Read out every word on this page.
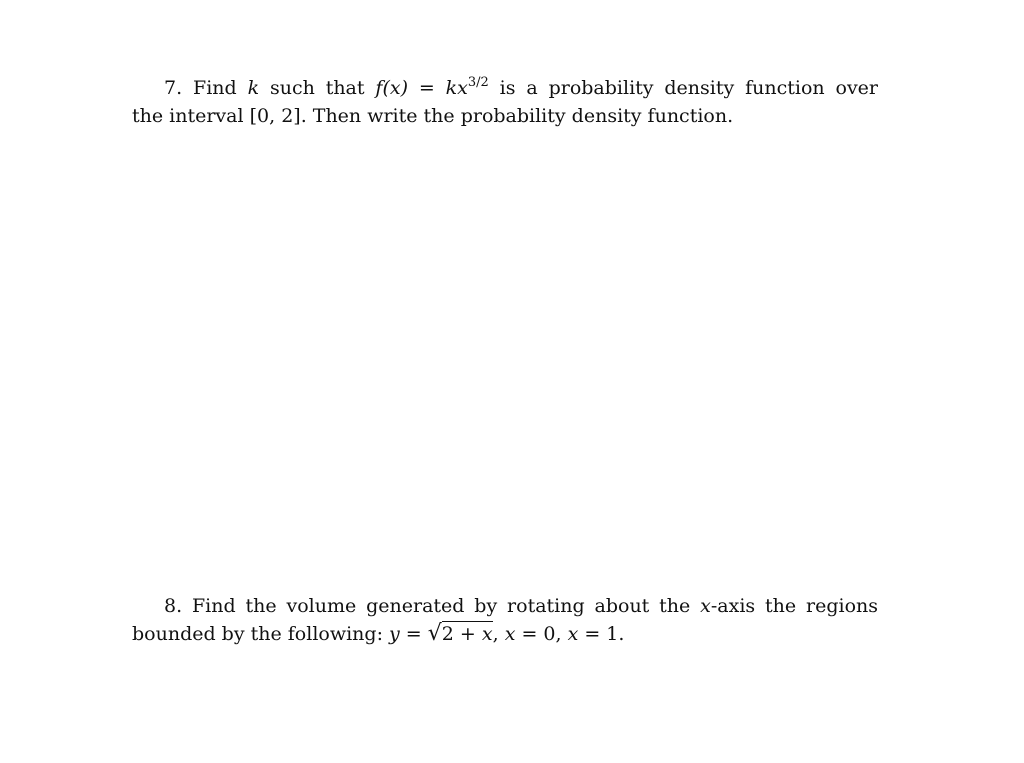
7. Find k such that $f(x) = kx^{3/2}$ is a probability density function over
the interval [0, 2]. Then write the probability density function.
8. Find the volume generated by rotating about the x-axis the regions
bounded by the following: y = √2 + x, x = 0, x = 1.
